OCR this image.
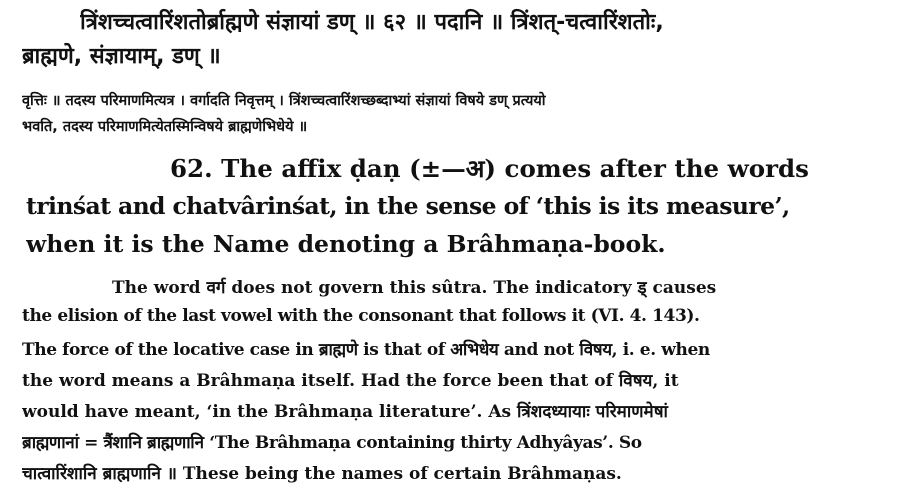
त्रिंशच्चत्वारिंशतोर्ब्राह्मणे संज्ञायां डण् ॥ ६२ ॥ पदानि ॥ त्रिंशत्-चत्वारिंशतोः,
ब्राह्मणे, संज्ञायाम्, डण् ॥
वृत्तिः ॥ तदस्य परिमाणमित्यत्र । वर्गादति निवृत्तम् । त्रिंशच्चत्वारिंशच्छब्दाभ्यां संज्ञायां विषये डण् प्रत्ययो
भवति, तदस्य परिमाणमित्येतस्मिन्विषये ब्राह्मणेभिधेये ॥
62. The affix ḍaṇ (±—अ) comes after the words
trinśat and chatvârinśat, in the sense of ‘this is its measure’,
when it is the Name denoting a Brâhmaṇa-book.
The word वर्ग does not govern this sûtra. The indicatory ड् causes
the elision of the last vowel with the consonant that follows it (VI. 4. 143).
The force of the locative case in ब्राह्मणे is that of अभिधेय and not विषय, i. e. when
the word means a Brâhmaṇa itself. Had the force been that of विषय, it
would have meant, ‘in the Brâhmaṇa literature’. As त्रिंशदध्यायाः परिमाणमेषां
ब्राह्मणानां = त्रैंशानि ब्राह्मणानि ‘The Brâhmaṇa containing thirty Adhyâyas’. So
चात्वारिंशानि ब्राह्मणानि ॥ These being the names of certain Brâhmaṇas.
